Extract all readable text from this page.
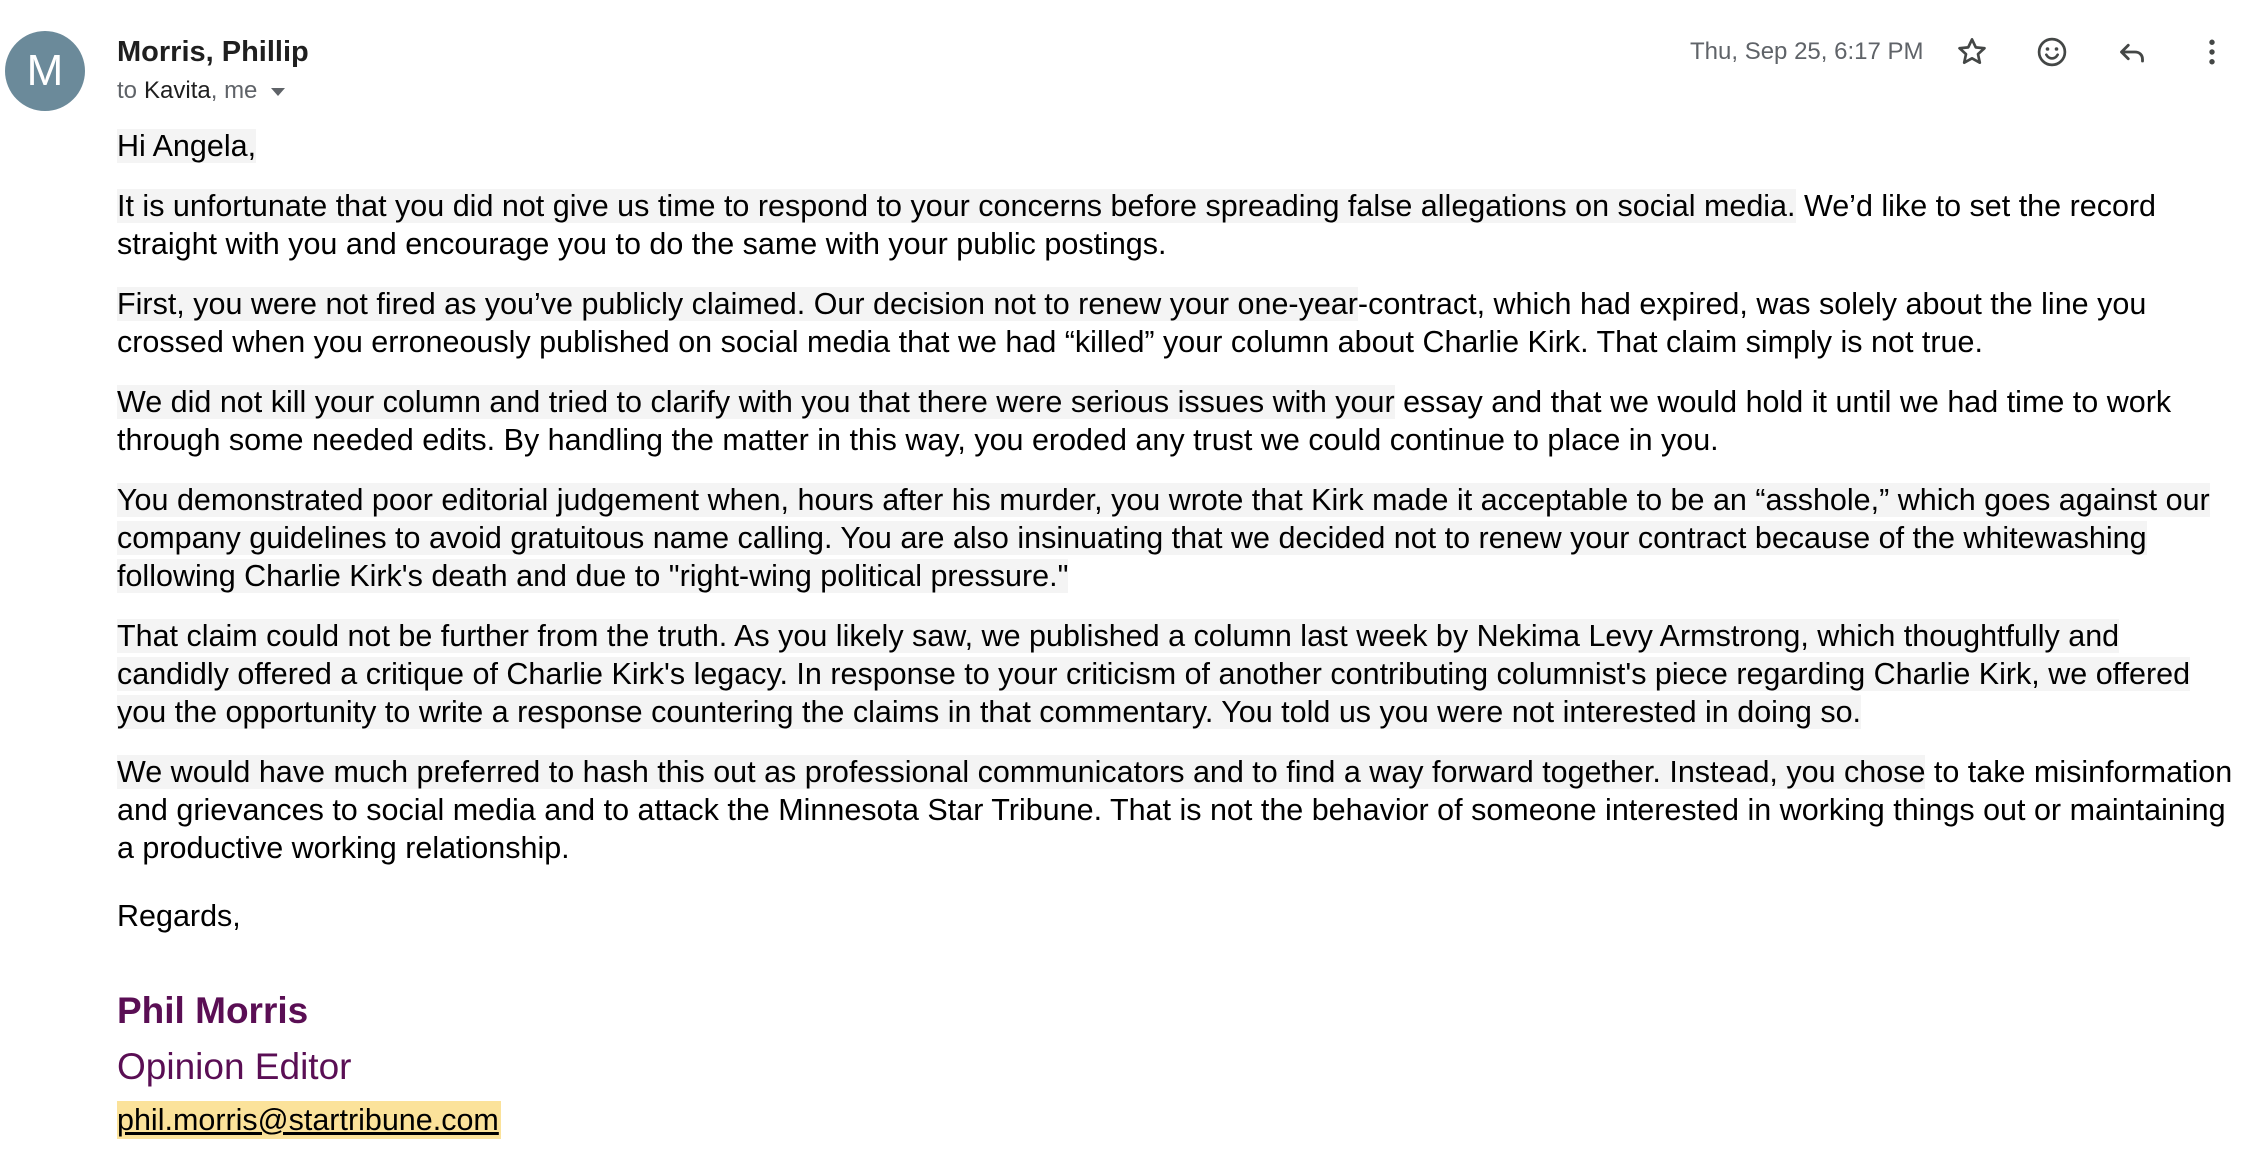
M Morris, Phillip
to Kavita ,
me
Thu, Sep 25, 6:17 PM

Hi Angela,

It is unfortunate that you did not give us time to respond to your concerns before spreading false allegations on social media. We’d like to set the record straight with you and encourage you to do the same with your public postings.

First, you were not fired as you’ve publicly claimed. Our decision not to renew your one-year-contract, which had expired, was solely about the line you crossed when you erroneously published on social media that we had “killed” your column about Charlie Kirk. That claim simply is not true.

We did not kill your column and tried to clarify with you that there were serious issues with your essay and that we would hold it until we had time to work through some needed edits. By handling the matter in this way, you eroded any trust we could continue to place in you.

You demonstrated poor editorial judgement when, hours after his murder, you wrote that Kirk made it acceptable to be an “asshole,” which goes against our company guidelines to avoid gratuitous name calling. You are also insinuating that we decided not to renew your contract because of the whitewashing following Charlie Kirk's death and due to "right-wing political pressure."

That claim could not be further from the truth. As you likely saw, we published a column last week by Nekima Levy Armstrong, which thoughtfully and candidly offered a critique of Charlie Kirk's legacy. In response to your criticism of another contributing columnist's piece regarding Charlie Kirk, we offered you the opportunity to write a response countering the claims in that commentary. You told us you were not interested in doing so.

We would have much preferred to hash this out as professional communicators and to find a way forward together. Instead, you chose to take misinformation and grievances to social media and to attack the Minnesota Star Tribune. That is not the behavior of someone interested in working things out or maintaining a productive working relationship.

Regards,

Phil Morris
Opinion Editor
phil.morris@startribune.com
